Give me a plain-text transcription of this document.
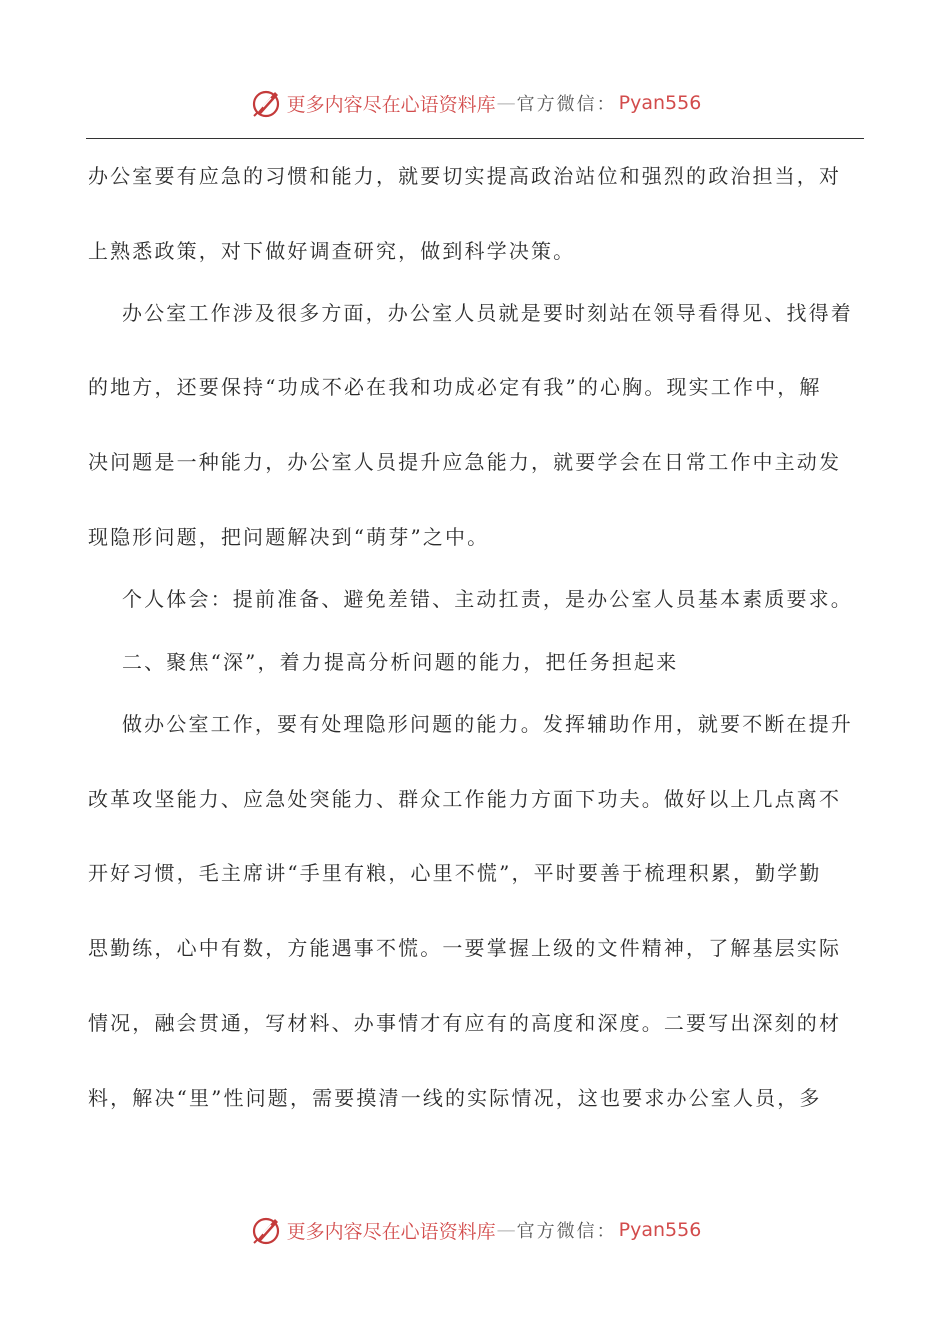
更多内容尽在心语资料库 — 官方微信： Pyan556
办公室要有应急的习惯和能力，就要切实提高政治站位和强烈的政治担当，对
上熟悉政策，对下做好调查研究，做到科学决策。
办公室工作涉及很多方面，办公室人员就是要时刻站在领导看得见、找得着
的地方，还要保持“功成不必在我和功成必定有我”的心胸。现实工作中，解
决问题是一种能力，办公室人员提升应急能力，就要学会在日常工作中主动发
现隐形问题，把问题解决到“萌芽”之中。
个人体会：提前准备、避免差错、主动扛责，是办公室人员基本素质要求。
二、聚焦“深”，着力提高分析问题的能力，把任务担起来
做办公室工作，要有处理隐形问题的能力。发挥辅助作用，就要不断在提升
改革攻坚能力、应急处突能力、群众工作能力方面下功夫。做好以上几点离不
开好习惯，毛主席讲“手里有粮，心里不慌”，平时要善于梳理积累，勤学勤
思勤练，心中有数，方能遇事不慌。一要掌握上级的文件精神，了解基层实际
情况，融会贯通，写材料、办事情才有应有的高度和深度。二要写出深刻的材
料，解决“里”性问题，需要摸清一线的实际情况，这也要求办公室人员，多
更多内容尽在心语资料库 — 官方微信： Pyan556
